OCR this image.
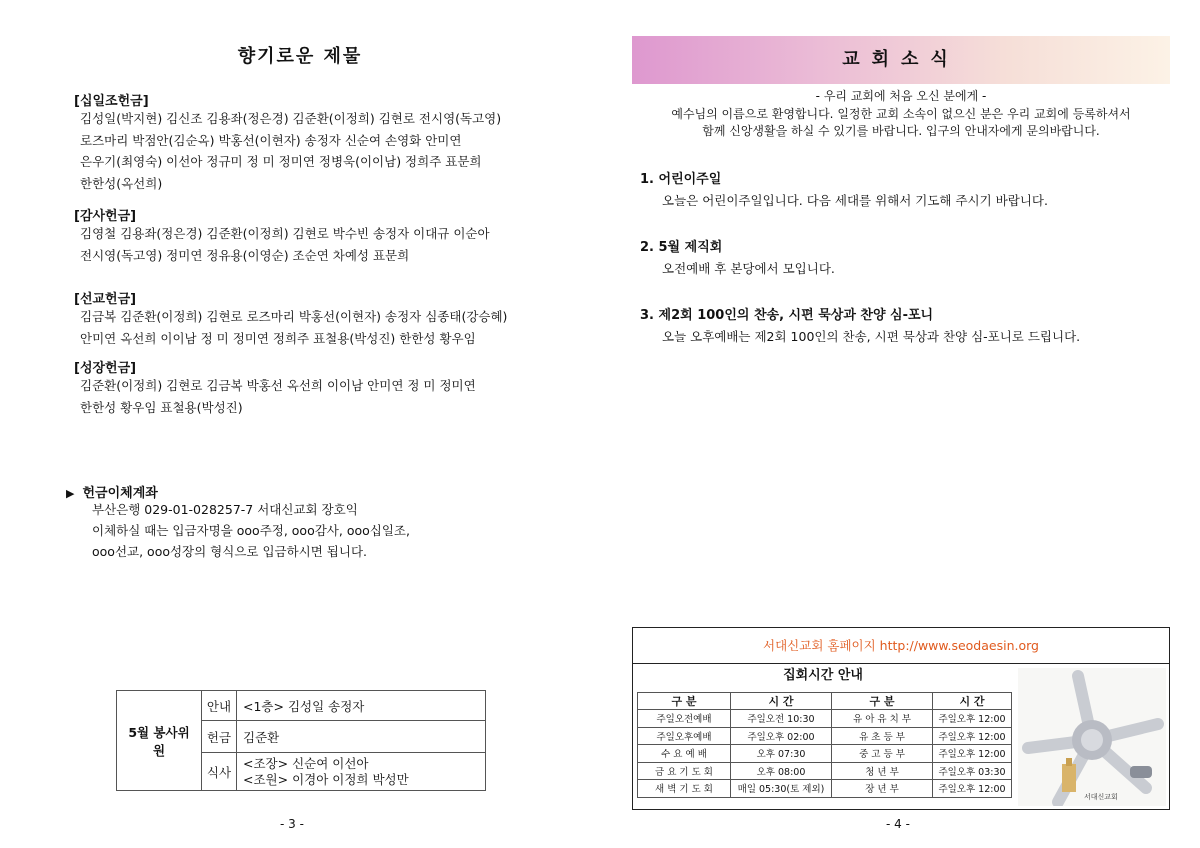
향기로운 제물
[십일조헌금]
김성일(박지현) 김신조 김용좌(정은경) 김준환(이정희) 김현로 전시영(독고영)
로즈마리 박점안(김순옥) 박홍선(이현자) 송정자 신순여 손영화 안미연
은우기(최영숙) 이선아 정규미 정 미 정미연 정병욱(이이남) 정희주 표문희
한한성(옥선희)
[감사헌금]
김영철 김용좌(정은경) 김준환(이정희) 김현로 박수빈 송정자 이대규 이순아
전시영(독고영) 정미연 정유용(이영순) 조순연 차예성 표문희
[선교헌금]
김금복 김준환(이정희) 김현로 로즈마리 박홍선(이현자) 송정자 심종태(강승혜)
안미연 옥선희 이이남 정 미 정미연 정희주 표철용(박성진) 한한성 황우임
[성장헌금]
김준환(이정희) 김현로 김금복 박홍선 옥선희 이이남 안미연 정 미 정미연
한한성 황우임 표철용(박성진)
▶ 헌금이체계좌
부산은행 029-01-028257-7 서대신교회 장호익
이체하실 때는 입금자명을 ooo주정, ooo감사, ooo십일조,
ooo선교, ooo성장의 형식으로 입금하시면 됩니다.
5월 봉사위원	안내	<1층> 김성일 송정자
	헌금	김준환
	식사	<조장> 신순여 이선아
<조원> 이경아 이정희 박성만
- 3 -
교회소식
- 우리 교회에 처음 오신 분에게 -
예수님의 이름으로 환영합니다. 일정한 교회 소속이 없으신 분은 우리 교회에 등록하셔서
함께 신앙생활을 하실 수 있기를 바랍니다. 입구의 안내자에게 문의바랍니다.
1. 어린이주일
오늘은 어린이주일입니다. 다음 세대를 위해서 기도해 주시기 바랍니다.
2. 5월 제직회
오전예배 후 본당에서 모입니다.
3. 제2회 100인의 찬송, 시편 묵상과 찬양 심-포니
오늘 오후예배는 제2회 100인의 찬송, 시편 묵상과 찬양 심-포니로 드립니다.
서대신교회 홈페이지 http://www.seodaesin.org
집회시간 안내
구 분	시 간	구 분	시 간
주일오전예배	주일오전 10:30	유 아 유 치 부	주일오후 12:00
주일오후예배	주일오후 02:00	유 초 등 부	주일오후 12:00
수 요 예 배	오후 07:30	중 고 등 부	주일오후 12:00
금 요 기 도 회	오후 08:00	청 년 부	주일오후 03:30
새 벽 기 도 회	매일 05:30(토 제외)	장 년 부	주일오후 12:00
서대신교회
- 4 -
